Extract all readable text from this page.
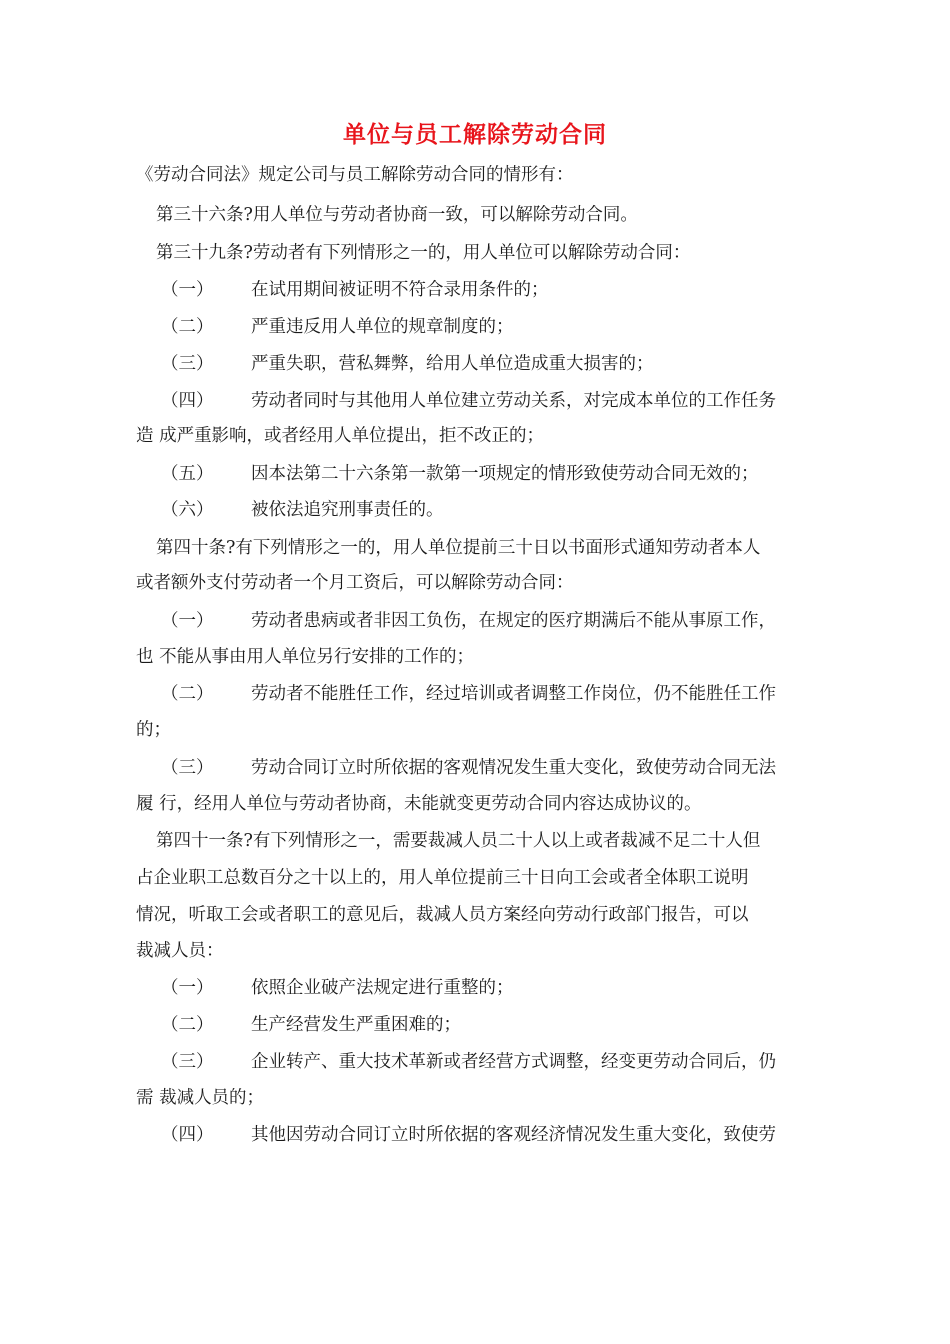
单位与员工解除劳动合同
《劳动合同法》规定公司与员工解除劳动合同的情形有：
第三十六条?用人单位与劳动者协商一致，可以解除劳动合同。
第三十九条?劳动者有下列情形之一的，用人单位可以解除劳动合同：
（一） 在试用期间被证明不符合录用条件的；
（二） 严重违反用人单位的规章制度的；
（三） 严重失职，营私舞弊，给用人单位造成重大损害的；
（四） 劳动者同时与其他用人单位建立劳动关系，对完成本单位的工作任务
造 成严重影响，或者经用人单位提出，拒不改正的；
（五） 因本法第二十六条第一款第一项规定的情形致使劳动合同无效的；
（六） 被依法追究刑事责任的。
第四十条?有下列情形之一的，用人单位提前三十日以书面形式通知劳动者本人
或者额外支付劳动者一个月工资后，可以解除劳动合同：
（一） 劳动者患病或者非因工负伤，在规定的医疗期满后不能从事原工作，
也 不能从事由用人单位另行安排的工作的；
（二） 劳动者不能胜任工作，经过培训或者调整工作岗位，仍不能胜任工作
的；
（三） 劳动合同订立时所依据的客观情况发生重大变化，致使劳动合同无法
履 行，经用人单位与劳动者协商，未能就变更劳动合同内容达成协议的。
第四十一条?有下列情形之一，需要裁减人员二十人以上或者裁减不足二十人但
占企业职工总数百分之十以上的，用人单位提前三十日向工会或者全体职工说明
情况，听取工会或者职工的意见后，裁减人员方案经向劳动行政部门报告，可以
裁减人员：
（一） 依照企业破产法规定进行重整的；
（二） 生产经营发生严重困难的；
（三） 企业转产、重大技术革新或者经营方式调整，经变更劳动合同后，仍
需 裁减人员的；
（四） 其他因劳动合同订立时所依据的客观经济情况发生重大变化，致使劳
